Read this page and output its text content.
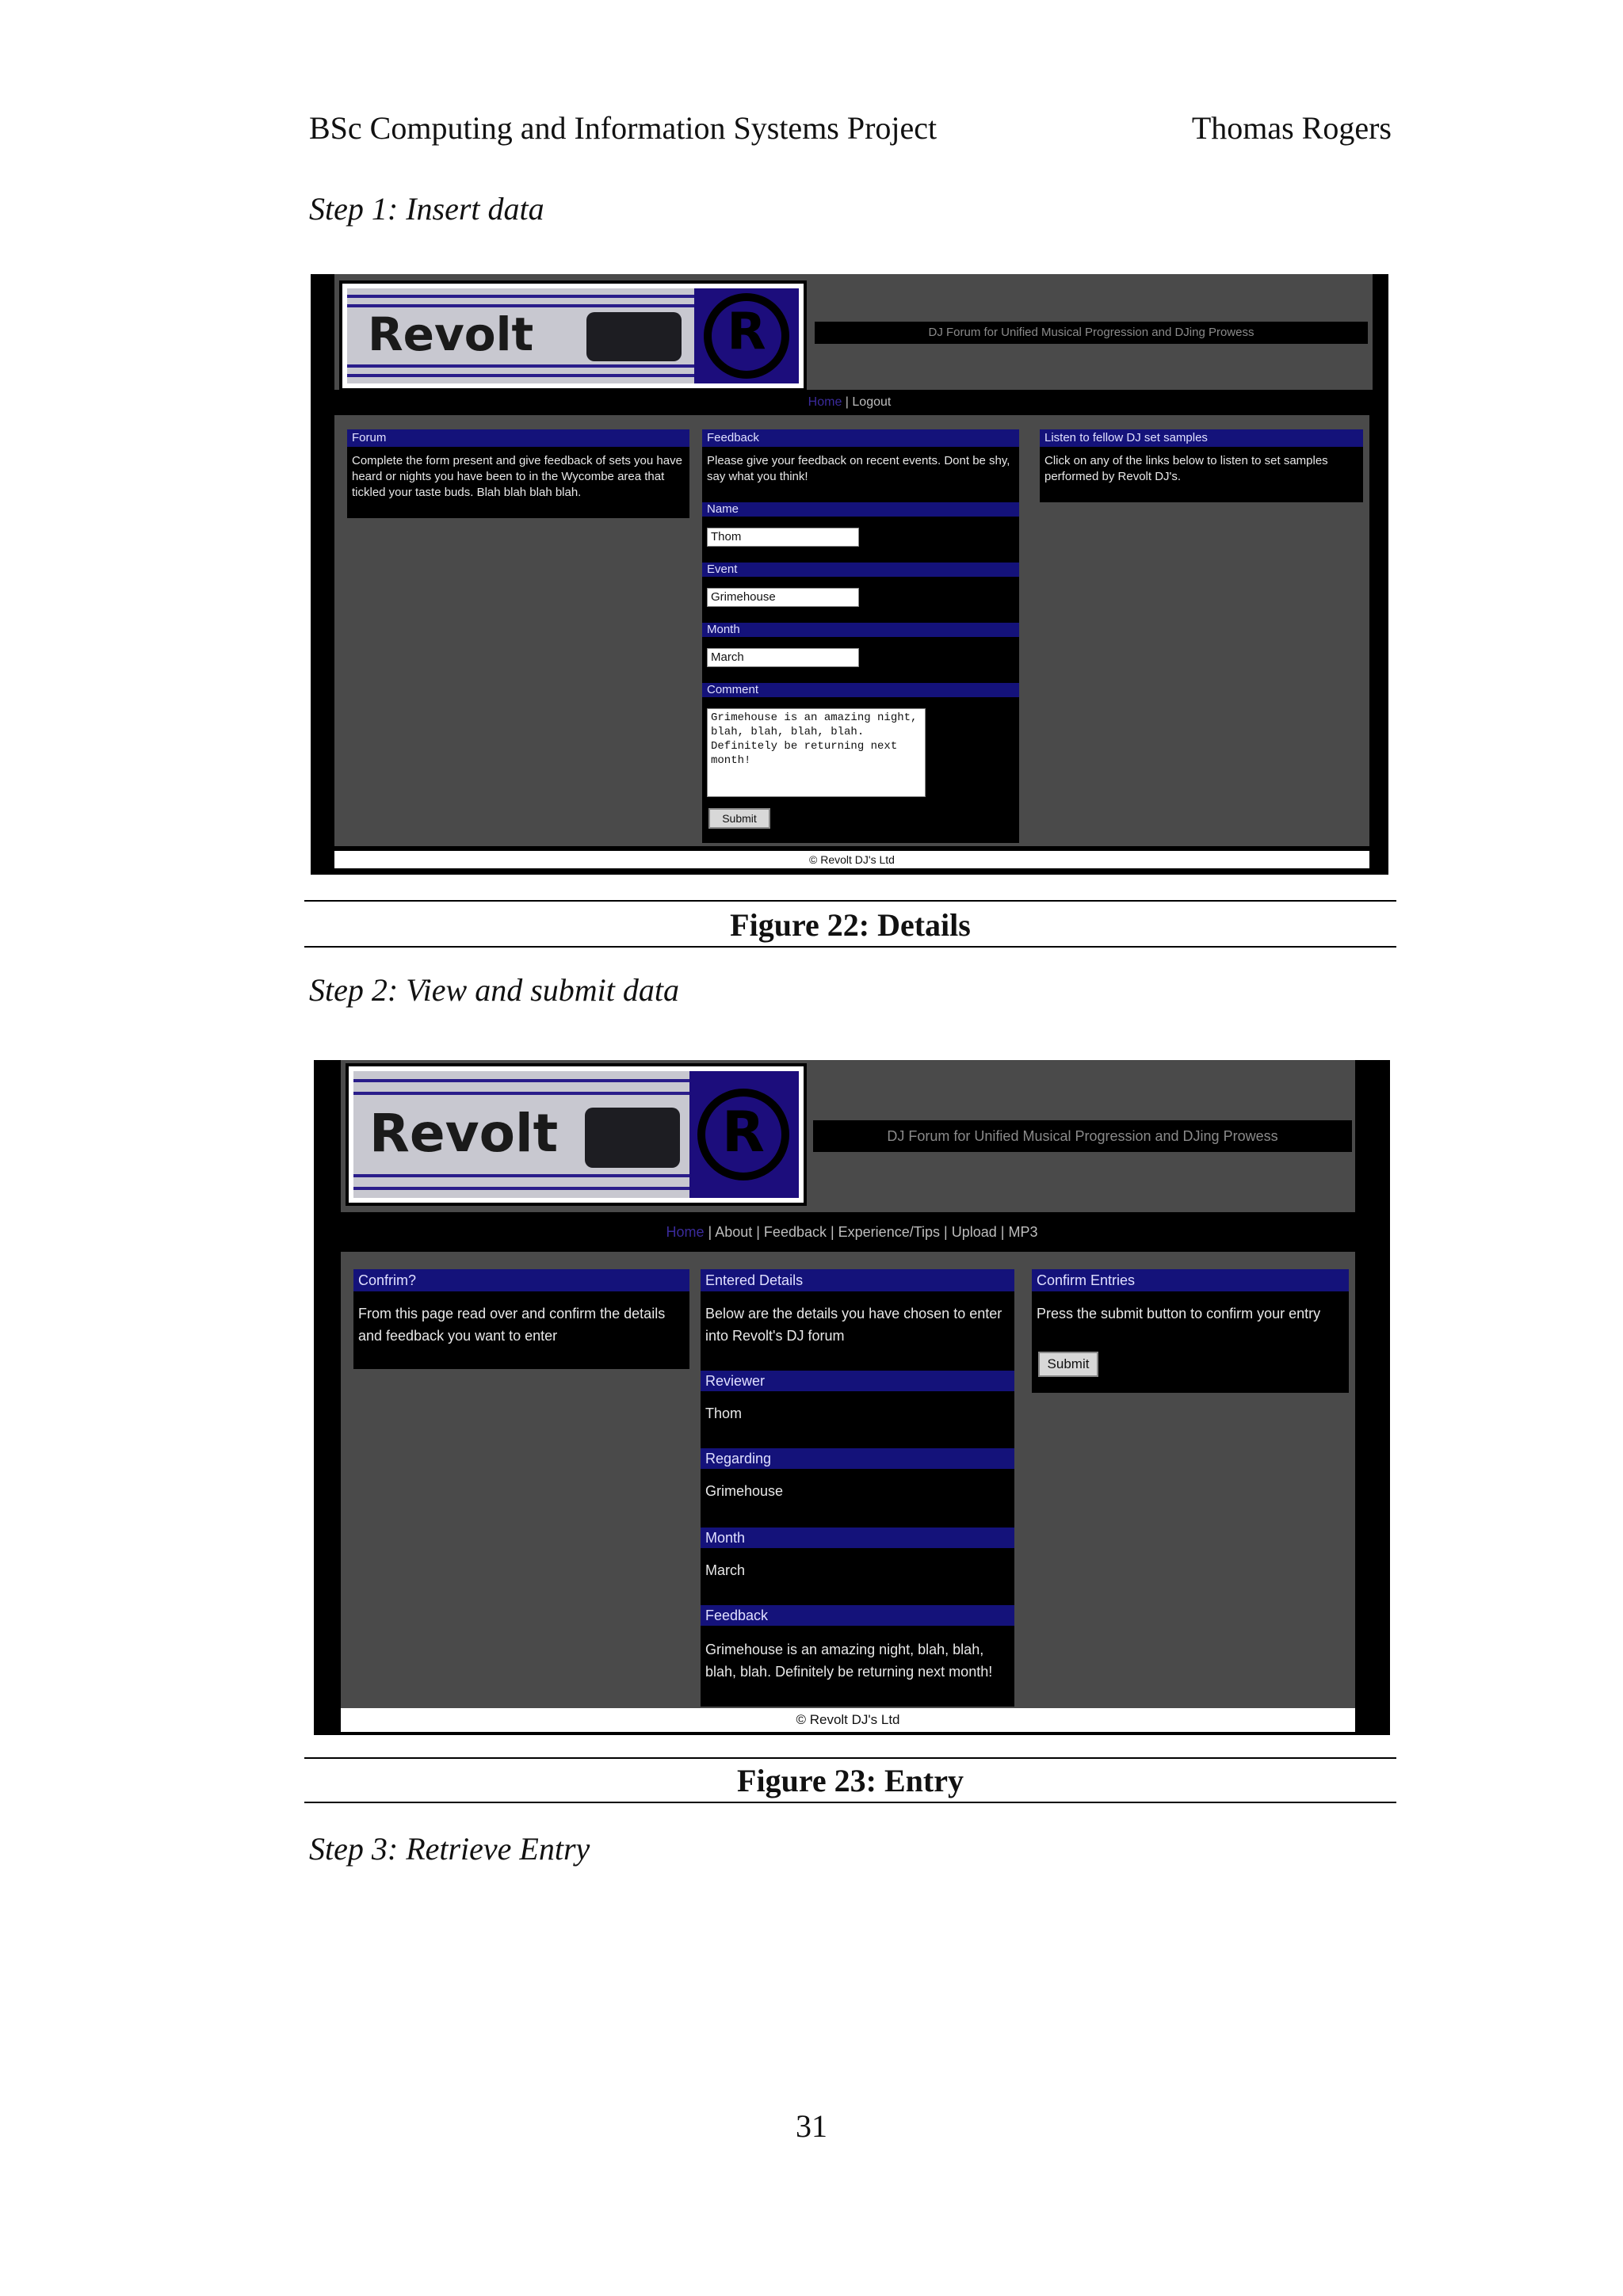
BSc Computing and Information Systems Project	Thomas Rogers
Step 1: Insert data
Revolt	R	DJ Forum for Unified Musical Progression and DJing Prowess
Home | Logout
Forum
Complete the form present and give feedback of sets you have heard or nights you have been to in the Wycombe area that tickled your taste buds. Blah blah blah blah.
Feedback
Please give your feedback on recent events. Dont be shy, say what you think!
Name
Thom
Event
Grimehouse
Month
March
Comment
Grimehouse is an amazing night, blah, blah, blah, blah. Definitely be returning next month!
Submit
Listen to fellow DJ set samples
Click on any of the links below to listen to set samples performed by Revolt DJ's.
© Revolt DJ's Ltd
Figure 22: Details
Step 2: View and submit data
Revolt	R	DJ Forum for Unified Musical Progression and DJing Prowess
Home | About | Feedback | Experience/Tips | Upload | MP3
Confrim?
From this page read over and confirm the details and feedback you want to enter
Entered Details
Below are the details you have chosen to enter into Revolt's DJ forum
Reviewer
Thom
Regarding
Grimehouse
Month
March
Feedback
Grimehouse is an amazing night, blah, blah, blah, blah. Definitely be returning next month!
Confirm Entries
Press the submit button to confirm your entry
Submit
© Revolt DJ's Ltd
Figure 23: Entry
Step 3: Retrieve Entry
31
